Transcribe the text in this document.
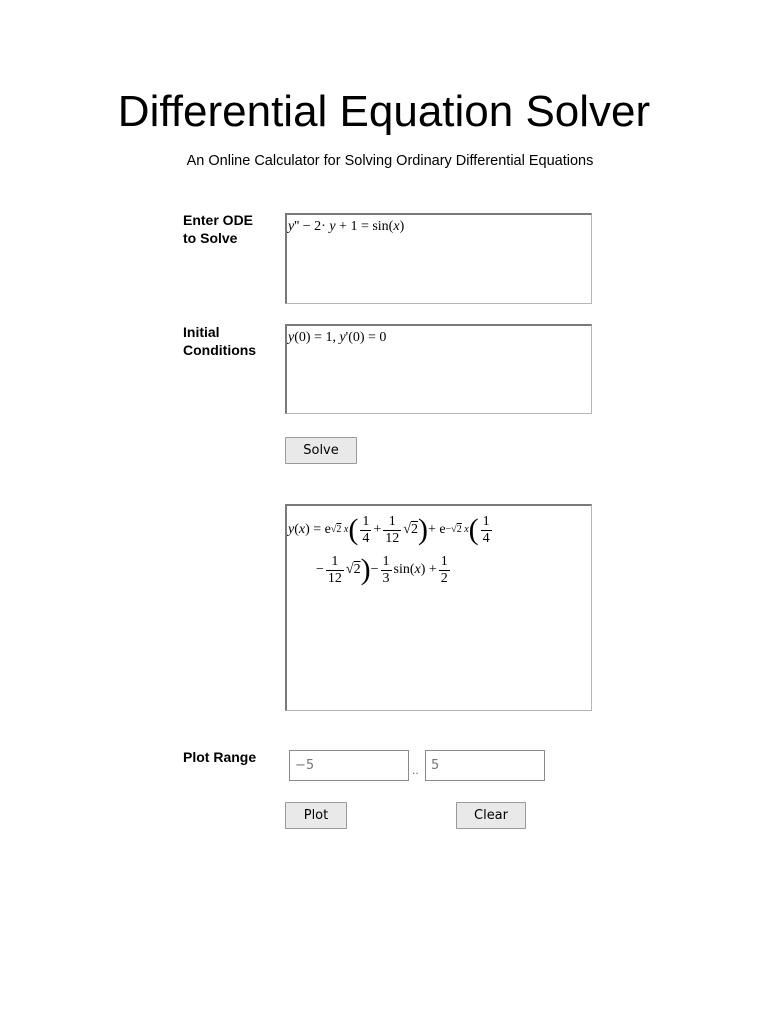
Differential Equation Solver
An Online Calculator for Solving Ordinary Differential Equations
Enter ODE
to Solve
y'' − 2· y + 1 = sin(x)
Initial
Conditions
y(0) = 1, y'(0) = 0
Solve
y ( x ) = e √2 x ( 1
4
+
1
12
√ 2 ) + e −√2 x ( 1
4
−
1
12
√ 2 ) −
1
3
sin( x ) +
1
2
Plot Range
−5	.. 5
Plot	Clear
